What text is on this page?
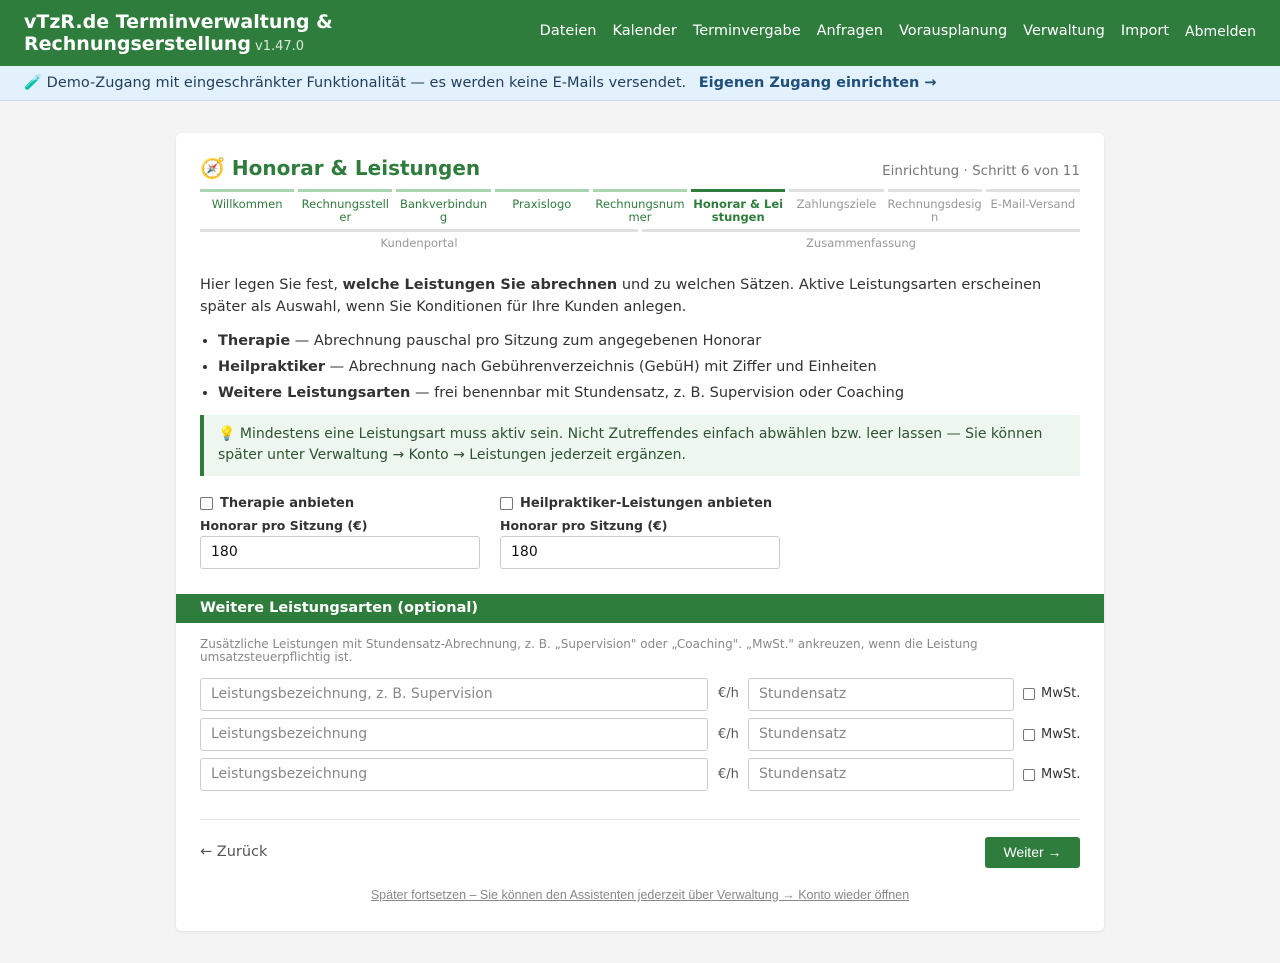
vTzR.de Terminverwaltung &
Rechnungserstellung v1.47.0
Dateien Kalender Terminvergabe Anfragen Vorausplanung Verwaltung Import Abmelden
🧪 Demo-Zugang mit eingeschränkter Funktionalität — es werden keine E-Mails versendet. Eigenen Zugang einrichten →
🧭 Honorar & Leistungen	Einrichtung · Schritt 6 von 11
Willkommen	Rechnungssteller
Bankverbindung
Praxislogo	Rechnungsnummer
Honorar & Leistungen
Zahlungsziele Rechnungsdesign
E-Mail-Versand
Kundenportal	Zusammenfassung

Hier legen Sie fest, welche Leistungen Sie abrechnen und zu welchen Sätzen. Aktive Leistungsarten erscheinen später als Auswahl, wenn Sie Konditionen für Ihre Kunden anlegen.

• Therapie — Abrechnung pauschal pro Sitzung zum angegebenen Honorar
• Heilpraktiker — Abrechnung nach Gebührenverzeichnis (GebüH) mit Ziffer und Einheiten
• Weitere Leistungsarten — frei benennbar mit Stundensatz, z. B. Supervision oder Coaching
💡 Mindestens eine Leistungsart muss aktiv sein. Nicht Zutreffendes einfach abwählen bzw. leer lassen — Sie können später unter Verwaltung → Konto → Leistungen jederzeit ergänzen.
Therapie anbieten
Honorar pro Sitzung (€)
180
Heilpraktiker-Leistungen anbieten
Honorar pro Sitzung (€)
180
Weitere Leistungsarten (optional)
Zusätzliche Leistungen mit Stundensatz-Abrechnung, z. B. „Supervision" oder „Coaching". „MwSt." ankreuzen, wenn die Leistung umsatzsteuerpflichtig ist.
Leistungsbezeichnung, z. B. Supervision	€/h	Stundensatz	MwSt.
Leistungsbezeichnung	€/h	Stundensatz	MwSt.
Leistungsbezeichnung	€/h	Stundensatz	MwSt.
← Zurück	Weiter →
Später fortsetzen – Sie können den Assistenten jederzeit über Verwaltung → Konto wieder öffnen
